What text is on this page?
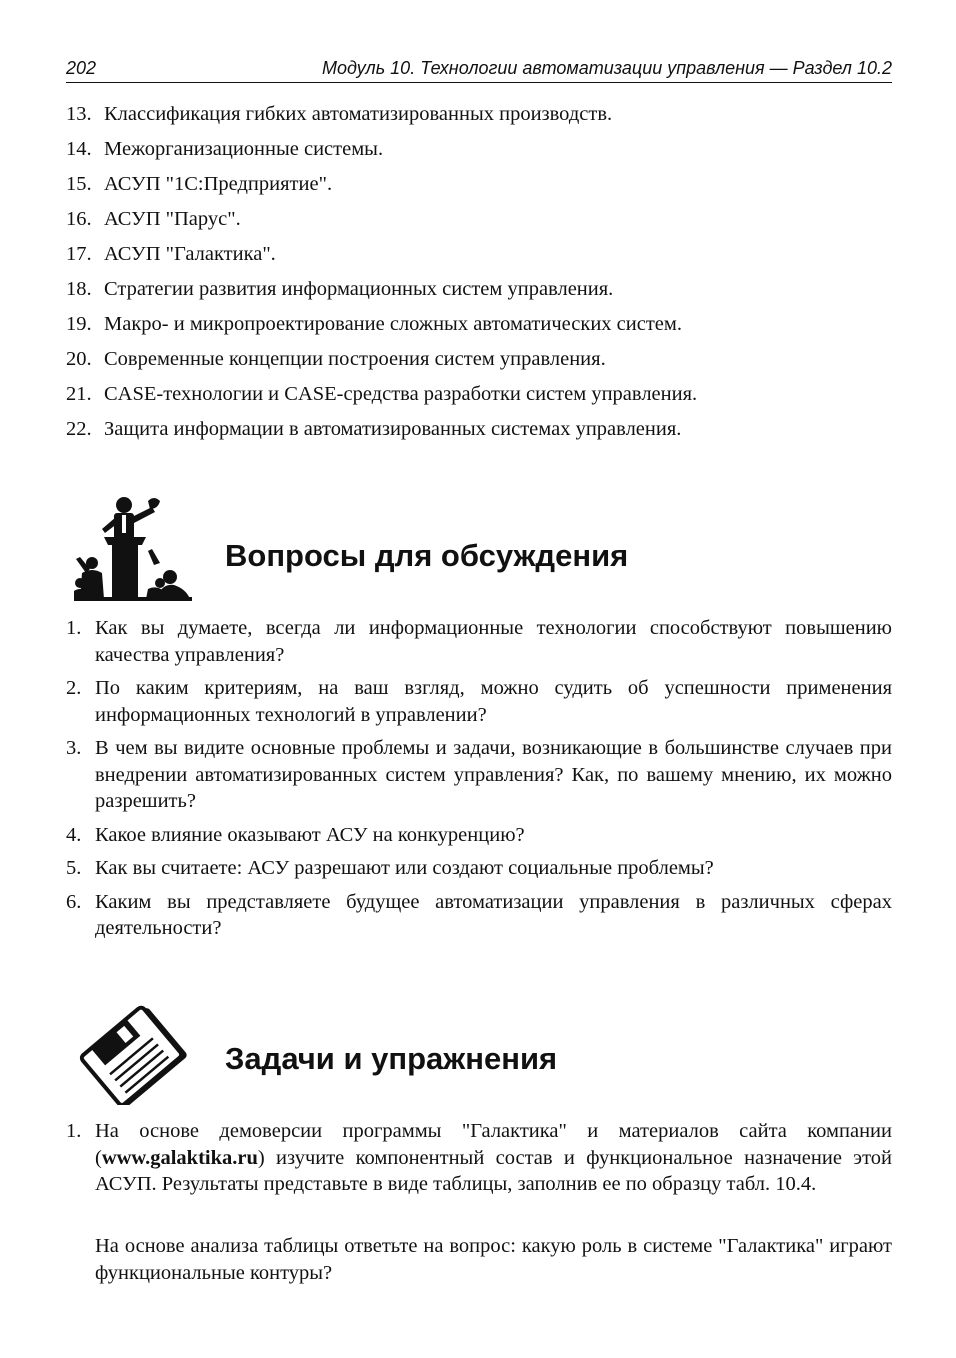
202	Модуль 10. Технологии автоматизации управления — Раздел 10.2
13. Классификация гибких автоматизированных производств.
14. Межорганизационные системы.
15. АСУП "1С:Предприятие".
16. АСУП "Парус".
17. АСУП "Галактика".
18. Стратегии развития информационных систем управления.
19. Макро- и микропроектирование сложных автоматических систем.
20. Современные концепции построения систем управления.
21. CASE-технологии и CASE-средства разработки систем управления.
22. Защита информации в автоматизированных системах управления.
Вопросы для обсуждения
1. Как вы думаете, всегда ли информационные технологии способствуют повышению качества управления?
2. По каким критериям, на ваш взгляд, можно судить об успешности применения информационных технологий в управлении?
3. В чем вы видите основные проблемы и задачи, возникающие в большинстве случаев при внедрении автоматизированных систем управления? Как, по вашему мнению, их можно разрешить?
4. Какое влияние оказывают АСУ на конкуренцию?
5. Как вы считаете: АСУ разрешают или создают социальные проблемы?
6. Каким вы представляете будущее автоматизации управления в различных сферах деятельности?
Задачи и упражнения
1. На основе демоверсии программы "Галактика" и материалов сайта компании (www.galaktika.ru) изучите компонентный состав и функциональное назначение этой АСУП. Результаты представьте в виде таблицы, заполнив ее по образцу табл. 10.4.
На основе анализа таблицы ответьте на вопрос: какую роль в системе "Галактика" играют функциональные контуры?
